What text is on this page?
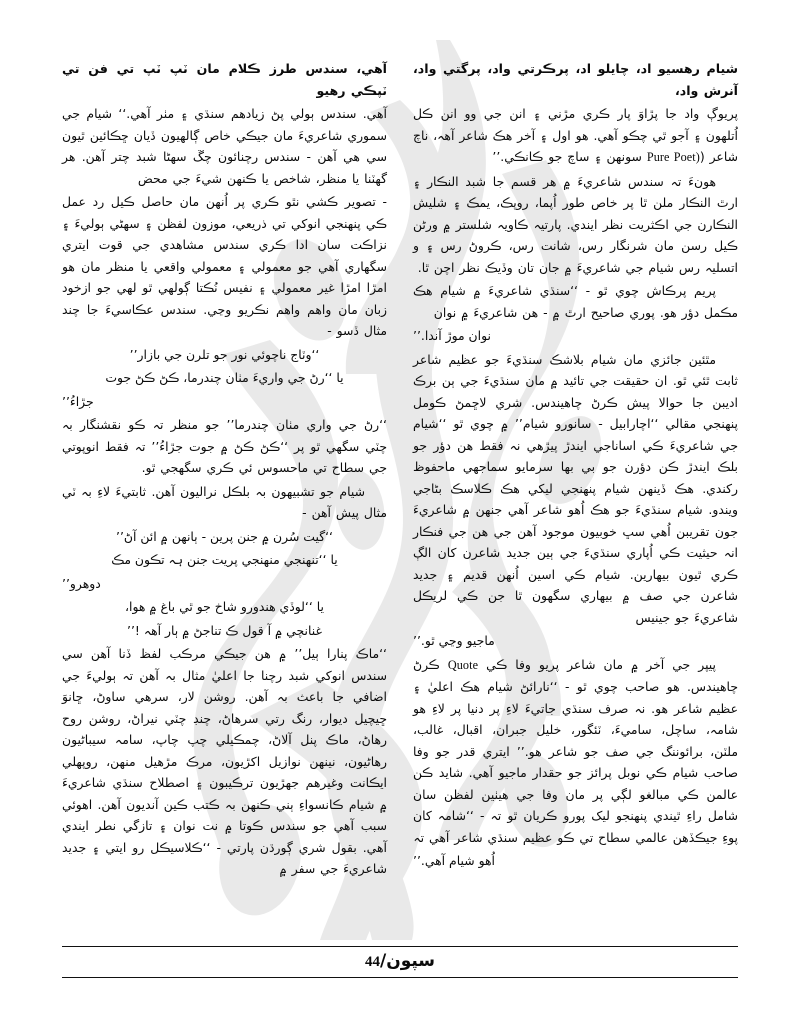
آهي، سندس طرز ڪلام مان ٽپ ٽپ تي فن تي ٽپڪي رهيو

آهي. سندس ٻولي پڻ زيادهم سنڌي ۽ مٺر آهي.‘‘ شيام جي سموري شاعريءَ مان جيڪي خاص ڳالهيون ڏيان ڇڪائين ٿيون سي هي آهن - سندس رچنائون چڱ سهڻا شبد چتر آهن. هر گهٽنا يا منظر، شاخص يا ڪنهن شيءَ جي محض

- تصوير ڪشي نٿو ڪري پر اُنهن مان حاصل ڪيل رد عمل ڪي پنهنجي انوکي تي ذريعي، موزون لفظن ۽ سهڻي ٻوليءَ ۽ نزاڪت سان ادا ڪري سندس مشاهدي جي قوت ايتري سگهاري آهي جو معمولي ۽ معمولي واقعي يا منظر مان هو امڙا امڙا غير معمولي ۽ نفيس نُڪتا ڳولهي ٿو لهي جو ازخود زبان مان واهم واهم نڪريو وڃي. سندس عڪاسيءَ جا چند مثال ڏسو -

‘‘وٽاج ناچوئي نور جو تلرن جي بازار’’

يا ‘‘رڻ جي واريءَ مٺان چندرما، ڪڻ ڪڻ جوت

جڙاءُ’’

‘‘رڻ جي واري مٺان چندرما’’ جو منظر تہ ڪو نقشنگار بہ چٽي سگهي ٿو پر ‘‘ڪڻ ڪڻ ۾ جوت جڙاءُ’’ تہ فقط انوپوتي جي سطاح تي ماحسوس ئي ڪري سگهجي ٿو.

شيام جو تشبيهون بہ بلڪل نراليون آهن. ثابتيءَ لاءِ بہ ٽي مثال پيش آهن -

‘‘گيت سُرن ۾ جنن پرين - ٻانهن ۾ ائن آڻ’’

يا ‘‘تنهنجي منهنجي پريت جنن ہہ تڪون مڪ

دوهرو’’

يا ‘‘لوڏي هندورو شاخ جو ٿي باغ ۾ هوا،

غنانچي ۾ آ قول ڪ تناجڻ ۾ ٻار آهہ !’’

‘‘ماڪ پنارا ٻيل’’ ۾ هن جيڪي مرڪب لفظ ڏنا آهن سي سندس انوکي شبد رچنا جا اعليٰ مثال بہ آهن تہ ٻوليءَ جي اضافي جا باعث بہ آهن. روشن لار، سرهي ساوڻ، ڇانوَ ڇيچيل ديوار، رنگ رتي سرهاڻ، چنڊ چٽي نيراڻ، روشن روح رهاڻ، ماڪ پنل آلاڻ، چمڪيلي چپ چاپ، سامہ سيباڻيون رهاڻيون، نينهن نوازيل اکڙيون، مرڪ مڙهيل منهن، روپهلي ايڪانت وغيرهم جهڙيون ترڪيبون ۽ اصطلاح سنڌي شاعريءَ ۾ شيام ڪانسواءِ ٻني ڪنهن بہ ڪتب ڪين آنديون آهن. اهوئي سبب آهي جو سندس ڪوتا ۾ نت نوان ۽ تازگي نطر ايندي آهي. بقول شري ڳورڌن پارتي - ‘‘ڪلاسيڪل رو ايتي ۽ جديد شاعريءَ جي سفر ۾

شيام رهسيو اد، چايلو اد، پرڪرتي واد، پرگتي واد، آنرش واد،

پريوڳ واد جا پڙاوَ پار ڪري مڙني ۽ انن جي وو انن ڪل اُتلهون ۽ آجو ٿي چڪو آهي. هو اول ۽ آخر هڪ شاعر آهہ، ناچ شاعر (Pure Poet) سونهن ۽ ساچ جو ڪانڪي.’’

هونءَ تہ سندس شاعريءَ ۾ هر قسم جا شبد النڪار ۽ ارٿ النڪار ملن ٿا پر خاص طور اُپما، روپڪ، يمڪ ۽ شليش النڪارن جي اڪثريت نظر ايندي. پارتيہ ڪاويہ شلستر ۾ ورڻن ڪيل رسن مان شرنگار رس، شانت رس، ڪروڻ رس ۽ و اتسليہ رس شيام جي شاعريءَ ۾ جان تان وڏيڪ نظر اچن ٿا.

پريم پرڪاش چوي ٿو - ‘‘سنڌي شاعريءَ ۾ شيام هڪ مڪمل دؤر هو. پوري صاحيح ارٿ ۾ - هن شاعريءَ ۾ نوان

نوان موڙ آندا.’’

مٿئين جائزي مان شيام بلاشڪ سنڌيءَ جو عظيم شاعر ثابت ٿئي ٿو. ان حقيقت جي تائيد ۾ مان سنڌيءَ جي ٻن برڪ اديبن جا حوالا پيش ڪرڻ چاهيندس. شري لاڇمڻ ڪومل پنهنجي مقالي ‘‘اچارابيل - سانورو شيام’’ ۾ چوي ٿو ‘‘شيام جي شاعريءَ ڪي اساناجي ايندڙ پيڙهي نہ فقط هن دؤر جو بلڪ ايندڙ ڪن دؤرن جو بي بها سرمايو سماجهي ماحفوظ رکندي. هڪ ڏينهن شيام پنهنجي ليکي هڪ ڪلاسڪ بڻاجي ويندو. شيام سنڌيءَ جو هڪ اُهو شاعر آهي جنهن ۾ شاعريءَ جون تقريبن اُهي سڀ خوبيون موجود آهن جي هن جي فنڪار انہ حيثيت ڪي اُپاري سنڌيءَ جي ٻين جديد شاعرن کان الڳ ڪري ٿيون بيهارين. شيام ڪي اسين اُنهن قديم ۽ جديد شاعرن جي صف ۾ بيهاري سگهون ٿا جن ڪي لريڪل شاعريءَ جو جينيس

ماجيو وڃي ٿو.’’

پيپر جي آخر ۾ مان شاعر پريو وفا ڪي Quote ڪرڻ چاهيندس. هو صاحب چوي ٿو - ‘‘نارائڻ شيام هڪ اعليٰ ۽ عظيم شاعر هو. نہ صرف سنڌي جاتيءَ لاءِ پر دنيا پر لاءِ هو شامہ، ساچل، ساميءَ، ٽئگور، خليل جبران، اقبال، غالب، ملٽن، برائوننگ جي صف جو شاعر هو.’’ ايتري قدر جو وفا صاحب شيام ڪي نوبل پرائز جو حقدار ماجيو آهي. شايد ڪن عالمن ڪي مبالغو لڳي پر مان وفا جي هيٺين لفظن سان شامل راءِ ٿيندي پنهنجو ليک پورو ڪريان ٿو تہ - ‘‘شامہ کان پوءِ جيڪڏهن عالمي سطاح تي ڪو عظيم سنڌي شاعر آهي تہ

اُهو شيام آهي.’’

سپون/44
